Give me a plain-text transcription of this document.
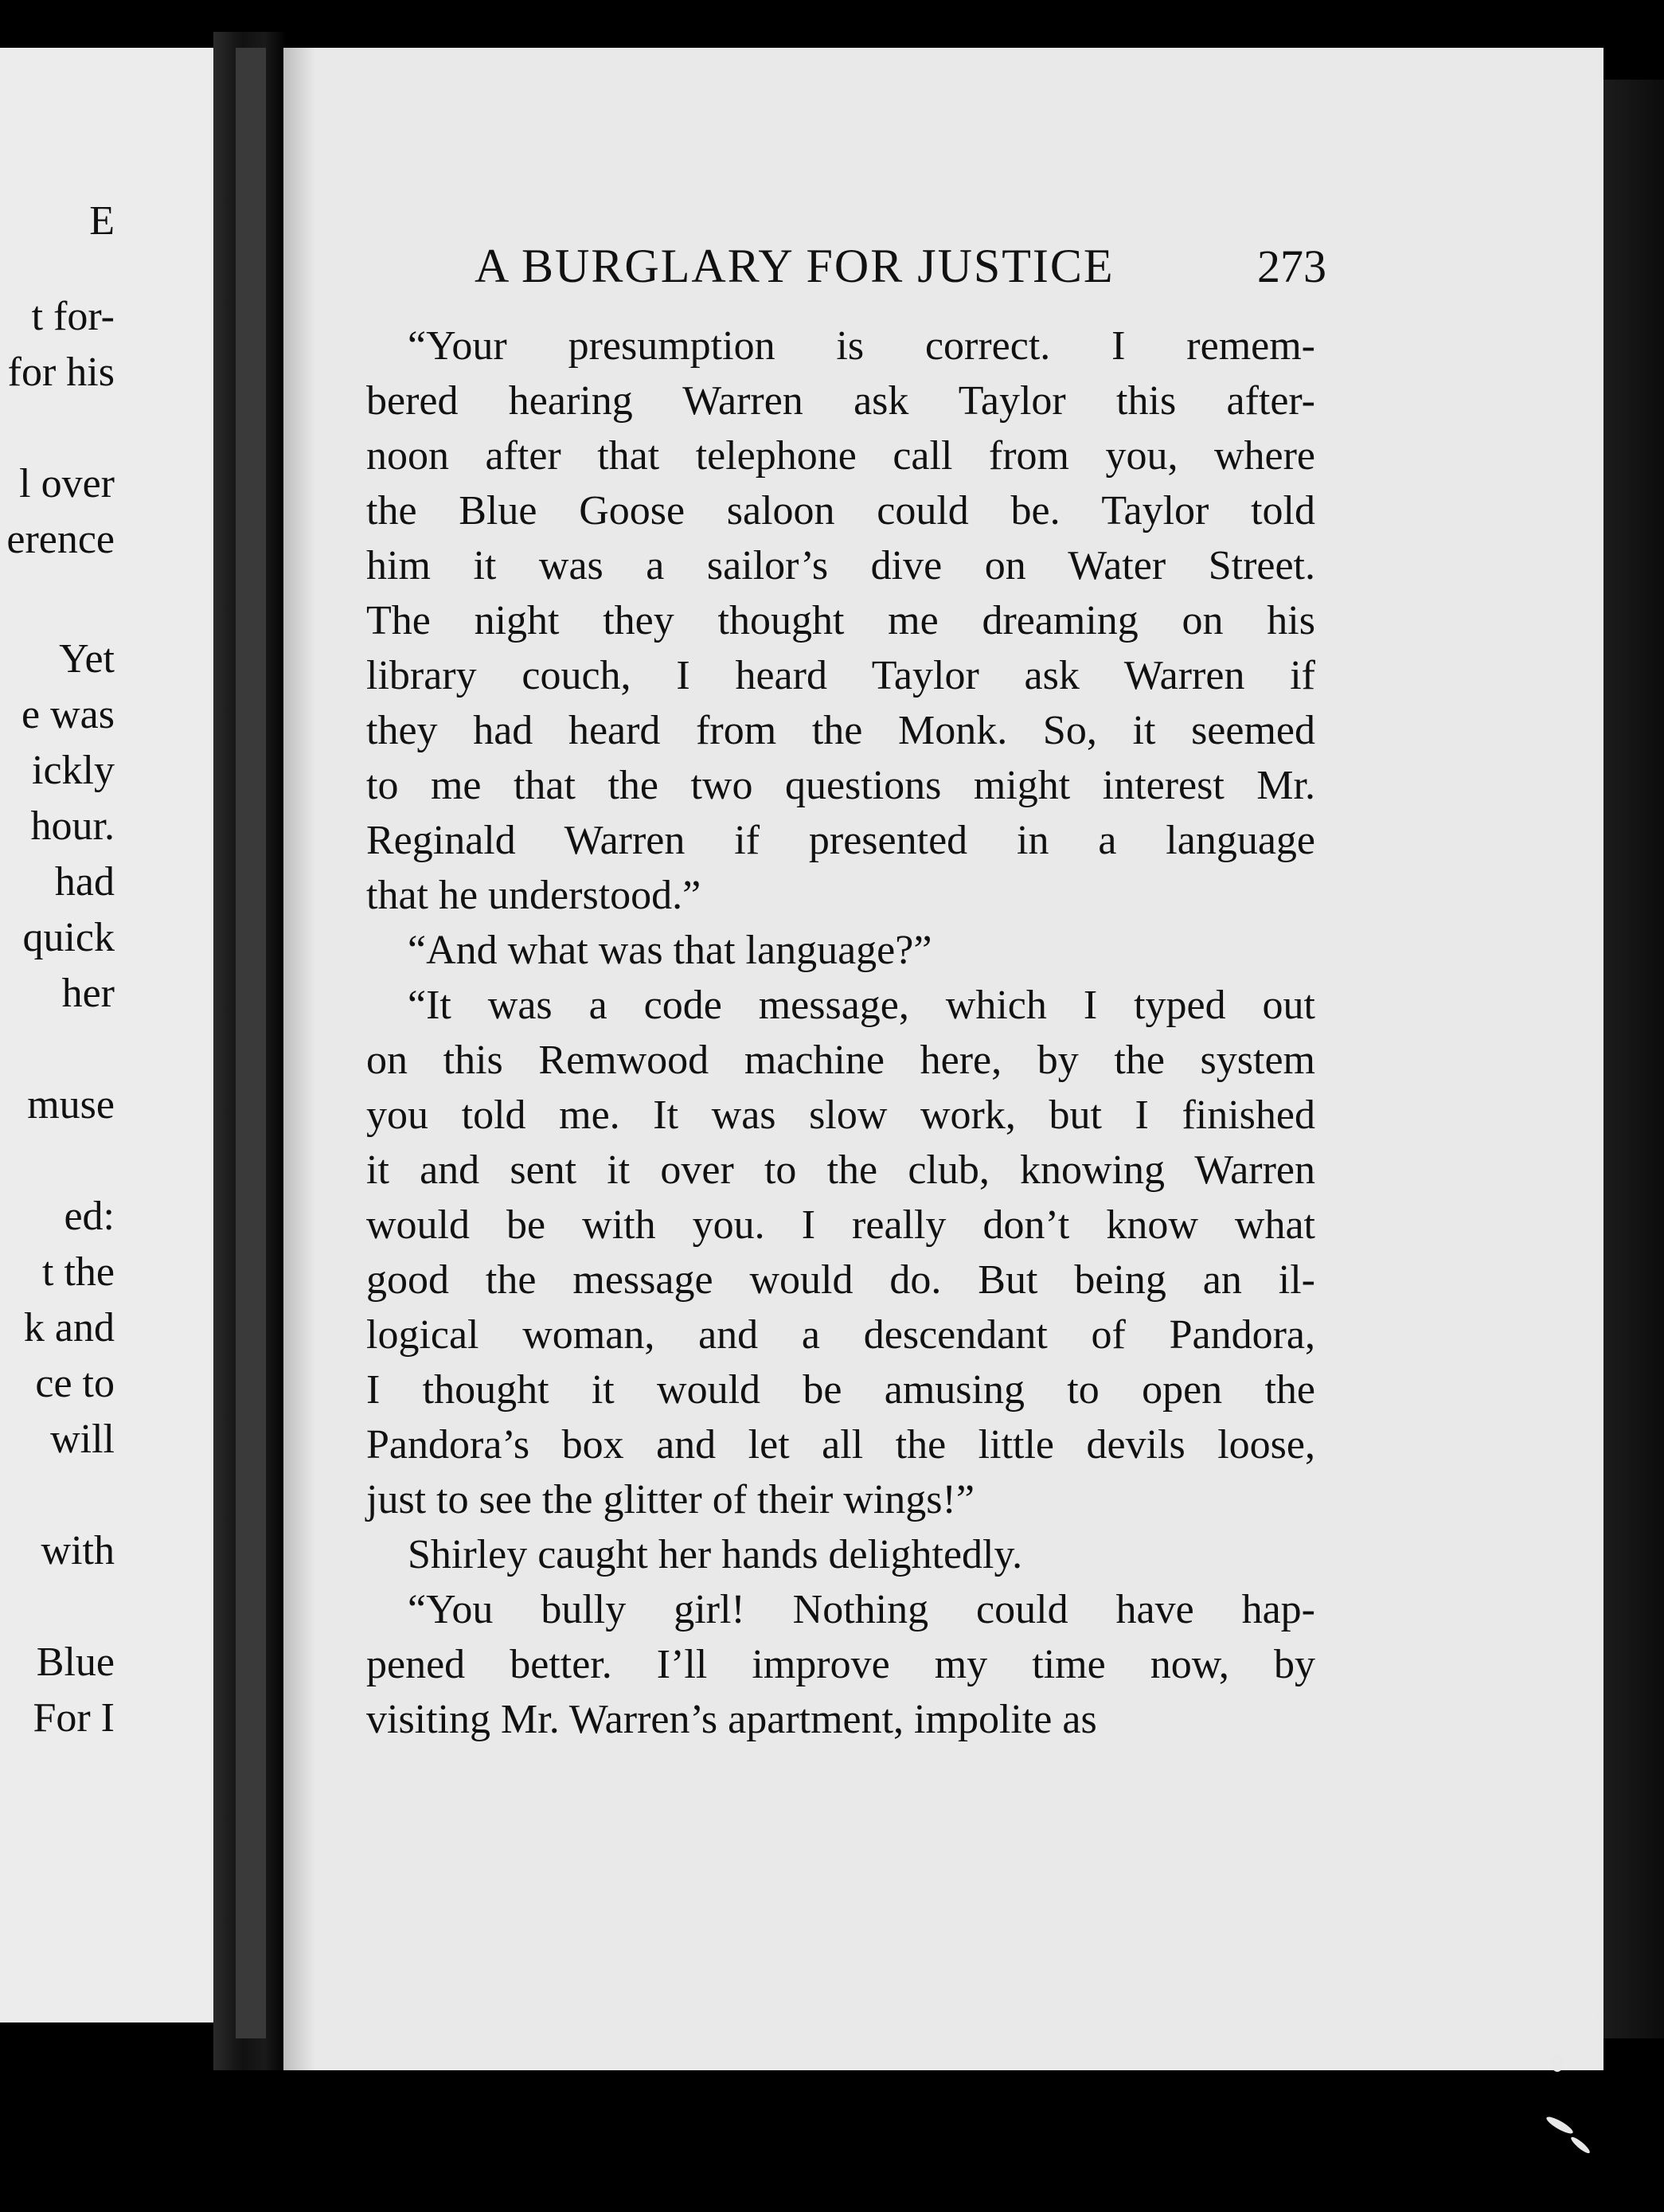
E
t for-
for his
l over
erence
Yet
e was
ickly
hour.
had
quick
her
muse
ed:
t the
k and
ce to
will
with
Blue
For I
A BURGLARY FOR JUSTICE	273
“Your presumption is correct. I remem-
bered hearing Warren ask Taylor this after-
noon after that telephone call from you, where
the Blue Goose saloon could be. Taylor told
him it was a sailor’s dive on Water Street.
The night they thought me dreaming on his
library couch, I heard Taylor ask Warren if
they had heard from the Monk. So, it seemed
to me that the two questions might interest Mr.
Reginald Warren if presented in a language
that he understood.”
“And what was that language?”
“It was a code message, which I typed out
on this Remwood machine here, by the system
you told me. It was slow work, but I finished
it and sent it over to the club, knowing Warren
would be with you. I really don’t know what
good the message would do. But being an il-
logical woman, and a descendant of Pandora,
I thought it would be amusing to open the
Pandora’s box and let all the little devils loose,
just to see the glitter of their wings!”
Shirley caught her hands delightedly.
“You bully girl! Nothing could have hap-
pened better. I’ll improve my time now, by
visiting Mr. Warren’s apartment, impolite as
